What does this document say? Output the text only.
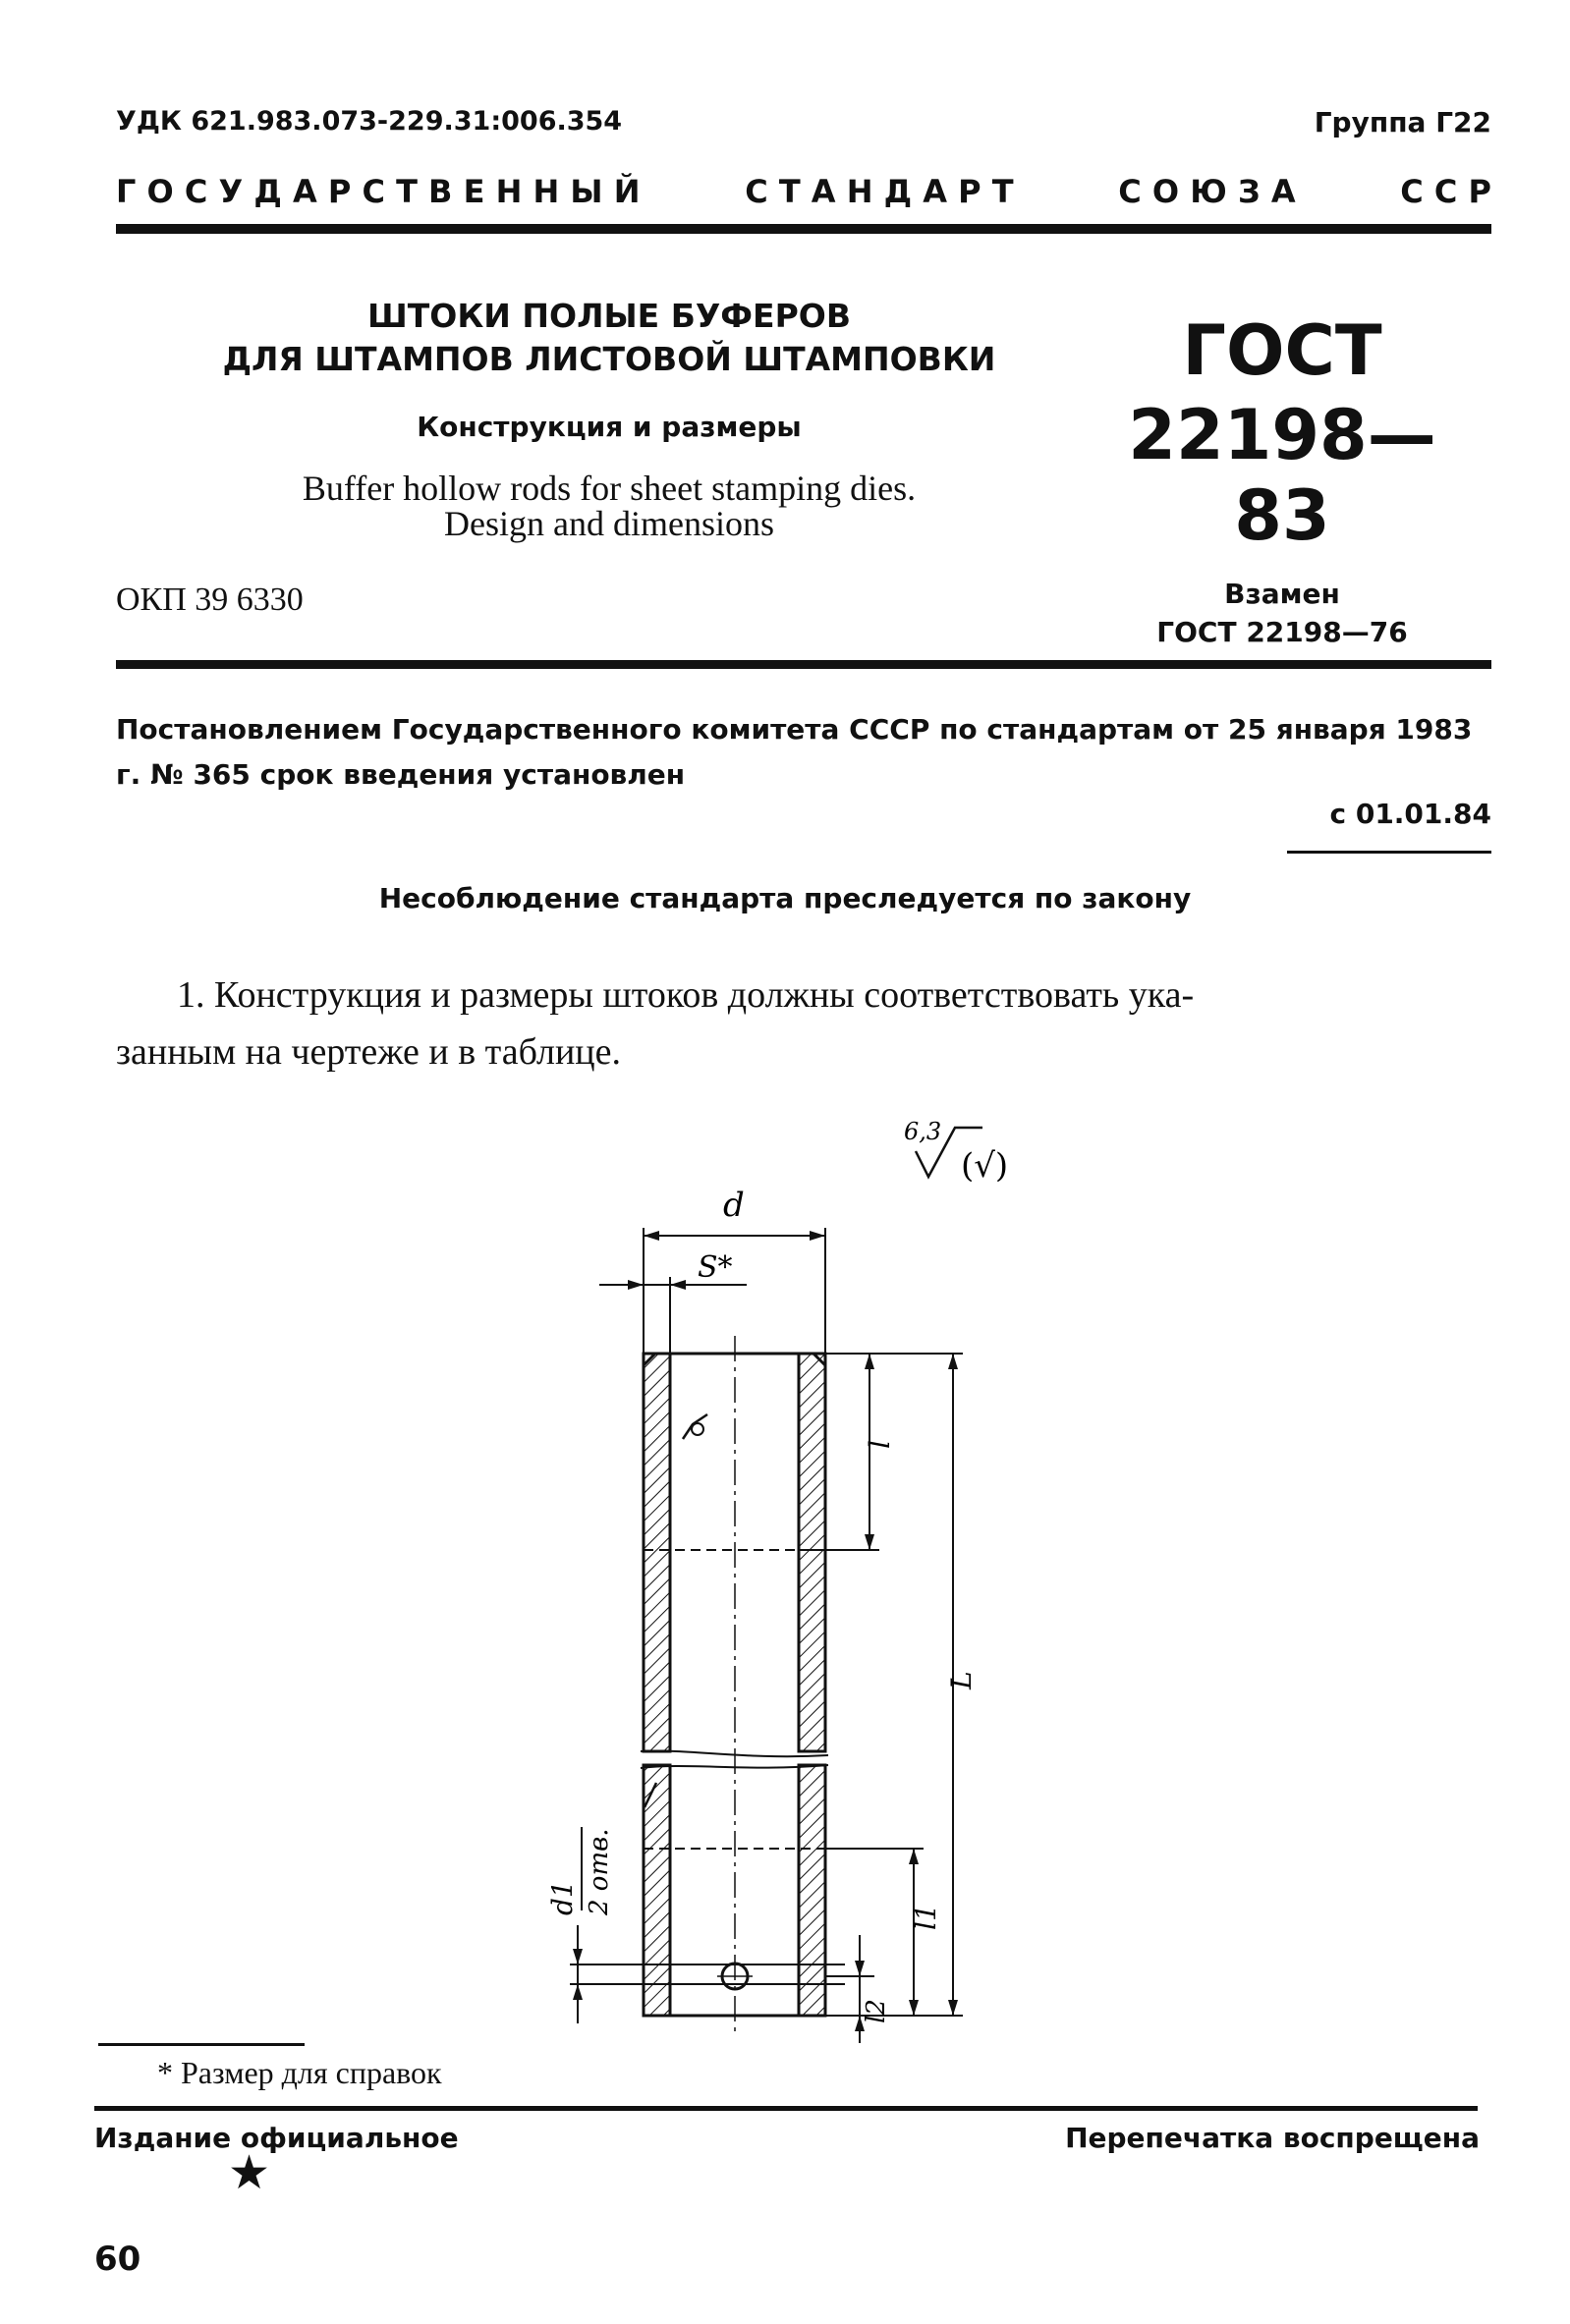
УДК 621.983.073-229.31:006.354	Группа Г22
Г О С У Д А Р С Т В Е Н Н Ы Й	С Т А Н Д А Р Т	С О Ю З А	С С Р
ШТОКИ ПОЛЫЕ БУФЕРОВ
ДЛЯ ШТАМПОВ ЛИСТОВОЙ ШТАМПОВКИ
Конструкция и размеры
Buffer hollow rods for sheet stamping dies.
Design and dimensions
ГОСТ
22198—83
Взамен
ГОСТ 22198—76
ОКП 39 6330
Постановлением Государственного комитета СССР по стандартам от 25 января 1983 г. № 365 срок введения установлен
с 01.01.84
Несоблюдение стандарта преследуется по закону

1. Конструкция и размеры штоков должны соответствовать ука-

занным на чертеже и в таблице.

6,3
(√)
d
S*
l
L
l1
l2
d1 2 отв.
* Размер для справок
Издание официальное	Перепечатка воспрещена
★
60
